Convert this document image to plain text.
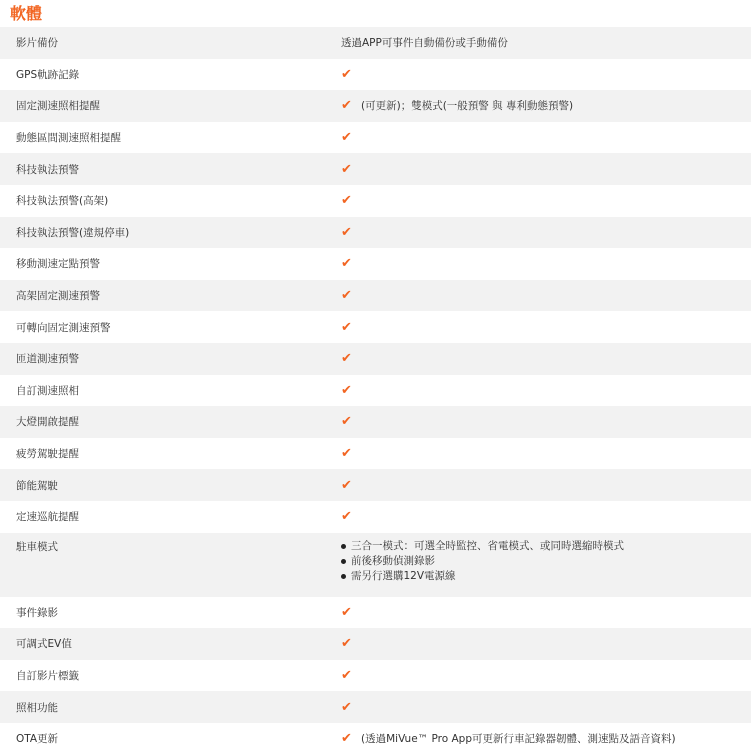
軟體
影片備份	透過APP可事件自動備份或手動備份
GPS軌跡記錄	✔
固定測速照相提醒	✔ (可更新)；雙模式(一般預警 與 專利動態預警)
動態區間測速照相提醒	✔
科技執法預警	✔
科技執法預警(高架)	✔
科技執法預警(違規停車)	✔
移動測速定點預警	✔
高架固定測速預警	✔
可轉向固定測速預警	✔
匝道測速預警	✔
自訂測速照相	✔
大燈開啟提醒	✔
疲勞駕駛提醒	✔
節能駕駛	✔
定速巡航提醒	✔
駐車模式	三合一模式：可選全時監控、省電模式、或同時選縮時模式
前後移動偵測錄影
需另行選購12V電源線
事件錄影	✔
可調式EV值	✔
自訂影片標籤	✔
照相功能	✔
OTA更新	✔ (透過MiVue™ Pro App可更新行車記錄器韌體、測速點及語音資料)
